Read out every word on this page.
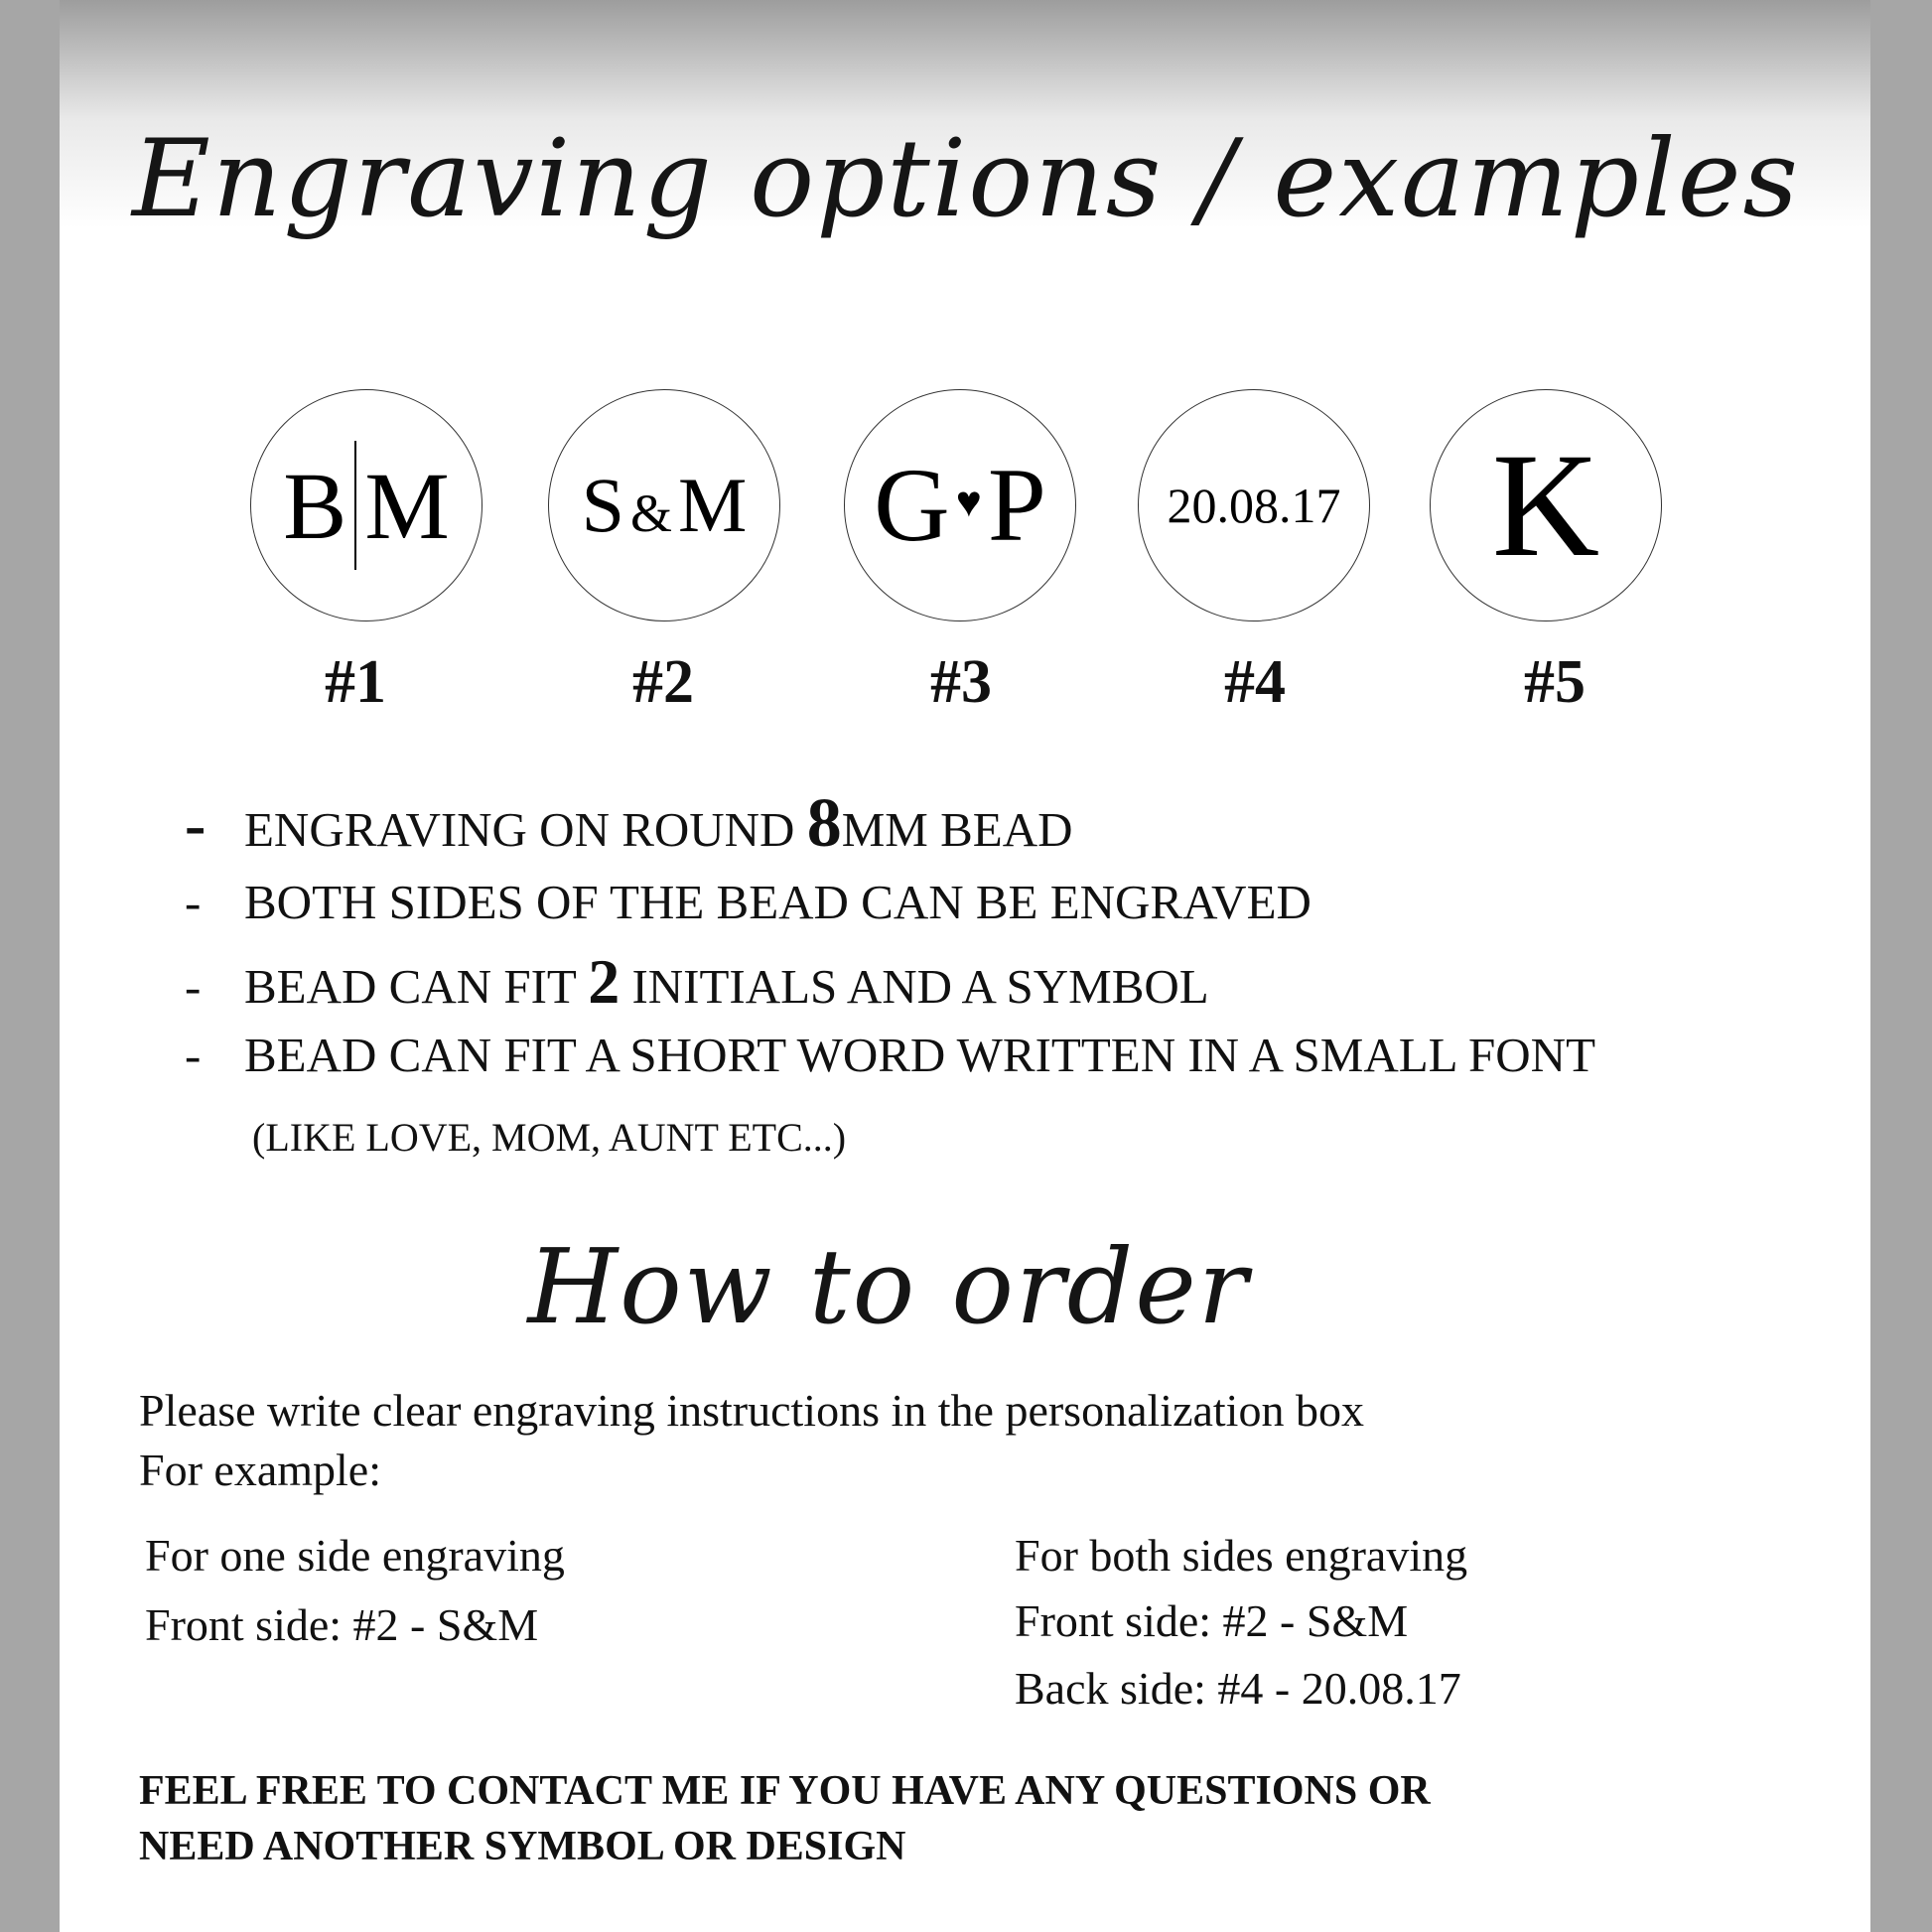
Engraving options / examples
B M S &M G ♥ P 20.08.17 K
#1	#2	#3	#4	#5
- ENGRAVING ON ROUND 8MM BEAD
- BOTH SIDES OF THE BEAD CAN BE ENGRAVED
- BEAD CAN FIT 2 INITIALS AND A SYMBOL
- BEAD CAN FIT A SHORT WORD WRITTEN IN A SMALL FONT
(LIKE LOVE, MOM, AUNT ETC...)
How to order
Please write clear engraving instructions in the personalization box
For example:
For one side engraving
Front side: #2 - S&M
For both sides engraving
Front side: #2 - S&M
Back side: #4 - 20.08.17
FEEL FREE TO CONTACT ME IF YOU HAVE ANY QUESTIONS OR
NEED ANOTHER SYMBOL OR DESIGN
